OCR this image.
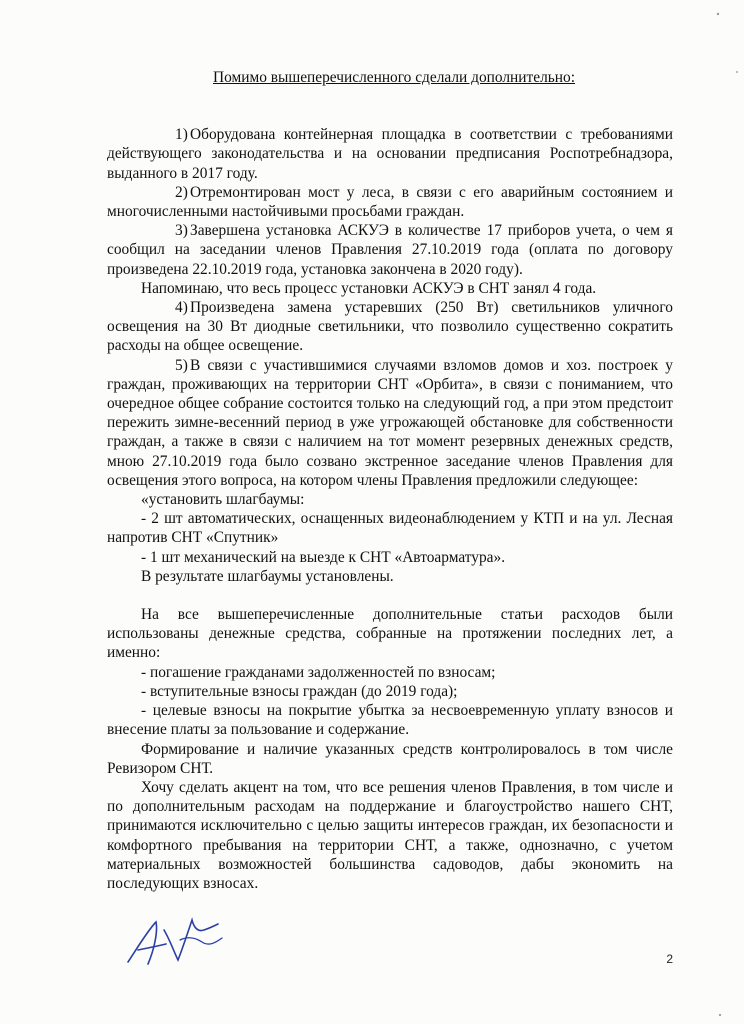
Помимо вышеперечисленного сделали дополнительно:

1) Оборудована контейнерная площадка в соответствии с требованиями действующего законодательства и на основании предписания Роспотребнадзора, выданного в 2017 году.

2) Отремонтирован мост у леса, в связи с его аварийным состоянием и многочисленными настойчивыми просьбами граждан.

3) Завершена установка АСКУЭ в количестве 17 приборов учета, о чем я сообщил на заседании членов Правления 27.10.2019 года (оплата по договору произведена 22.10.2019 года, установка закончена в 2020 году).

Напоминаю, что весь процесс установки АСКУЭ в СНТ занял 4 года.

4) Произведена замена устаревших (250 Вт) светильников уличного освещения на 30 Вт диодные светильники, что позволило существенно сократить расходы на общее освещение.

5) В связи с участившимися случаями взломов домов и хоз. построек у граждан, проживающих на территории СНТ «Орбита», в связи с пониманием, что очередное общее собрание состоится только на следующий год, а при этом предстоит пережить зимне-весенний период в уже угрожающей обстановке для собственности граждан, а также в связи с наличием на тот момент резервных денежных средств, мною 27.10.2019 года было созвано экстренное заседание членов Правления для освещения этого вопроса, на котором члены Правления предложили следующее:

«установить шлагбаумы:

- 2 шт автоматических, оснащенных видеонаблюдением у КТП и на ул. Лесная напротив СНТ «Спутник»

- 1 шт механический на выезде к СНТ «Автоарматура».

В результате шлагбаумы установлены.

На все вышеперечисленные дополнительные статьи расходов были использованы денежные средства, собранные на протяжении последних лет, а именно:

- погашение гражданами задолженностей по взносам;

- вступительные взносы граждан (до 2019 года);

- целевые взносы на покрытие убытка за несвоевременную уплату взносов и внесение платы за пользование и содержание.

Формирование и наличие указанных средств контролировалось в том числе Ревизором СНТ.

Хочу сделать акцент на том, что все решения членов Правления, в том числе и по дополнительным расходам на поддержание и благоустройство нашего СНТ, принимаются исключительно с целью защиты интересов граждан, их безопасности и комфортного пребывания на территории СНТ, а также, однозначно, с учетом материальных возможностей большинства садоводов, дабы экономить на последующих взносах.

2
